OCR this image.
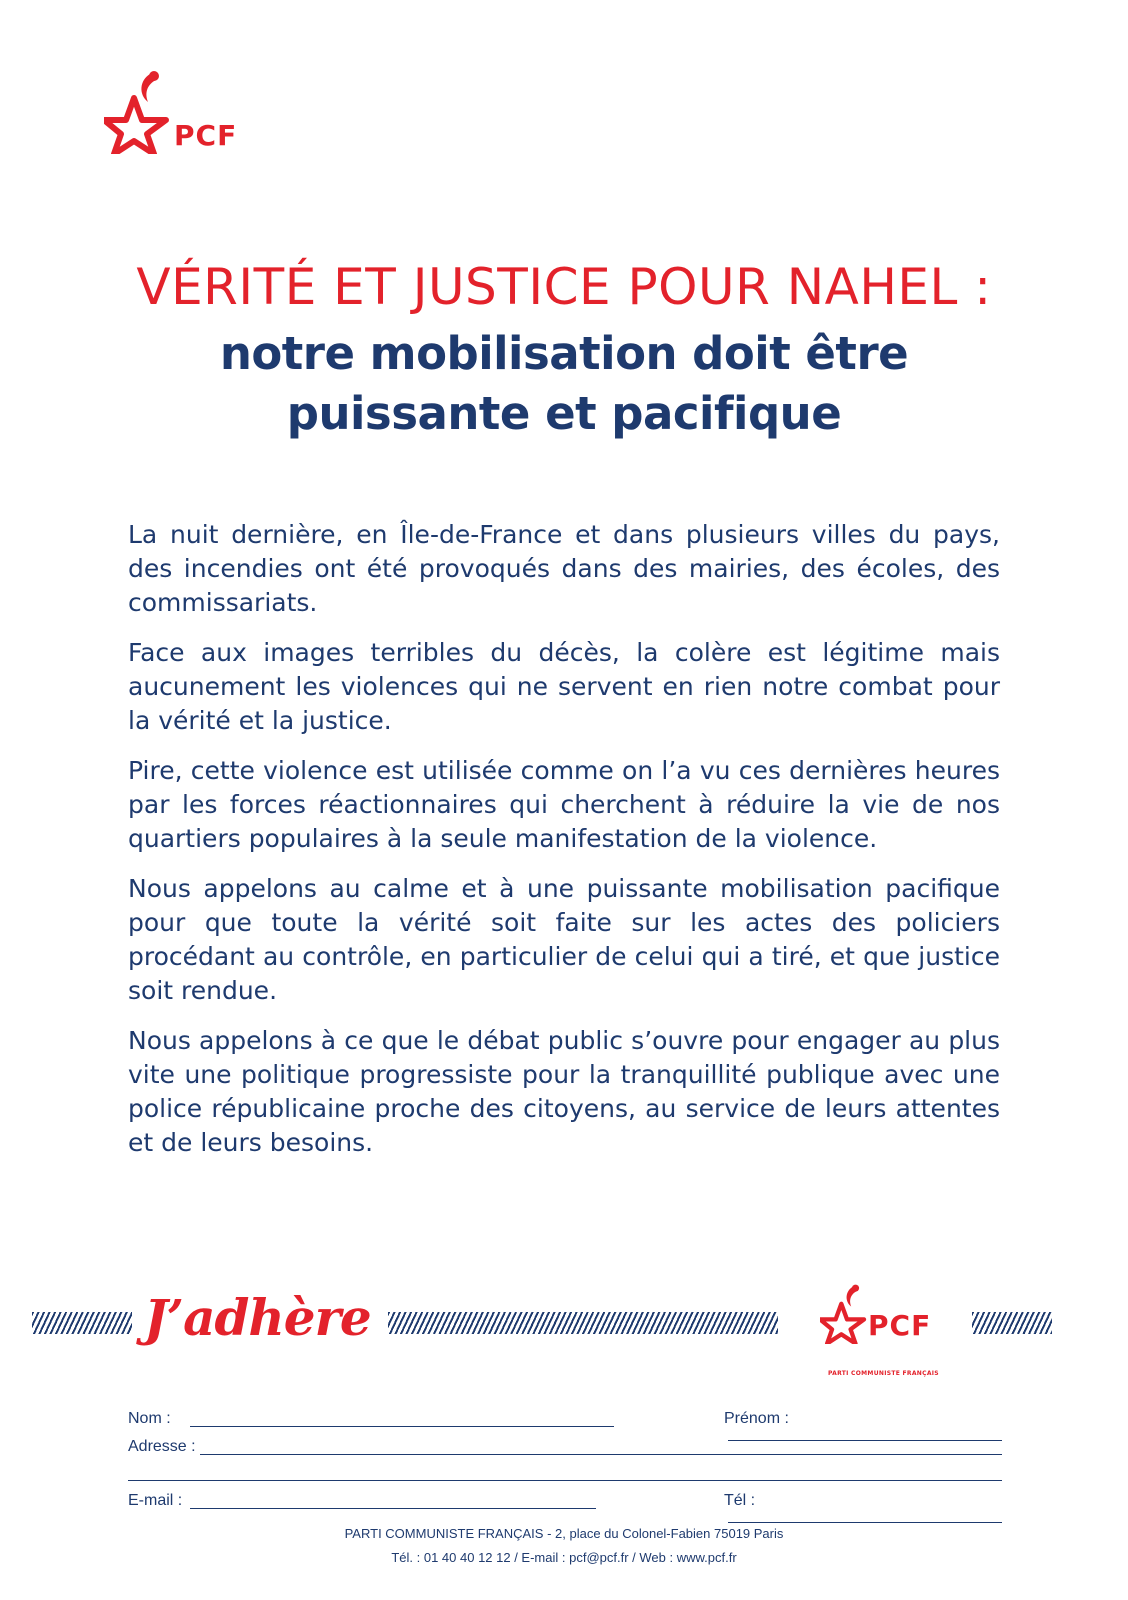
PCF
VÉRITÉ ET JUSTICE POUR NAHEL :
notre mobilisation doit être
puissante et pacifique

La nuit dernière, en Île-de-France et dans plusieurs villes du pays, des incendies ont été provoqués dans des mairies, des écoles, des commissariats.

Face aux images terribles du décès, la colère est légitime mais aucunement les violences qui ne servent en rien notre combat pour la vérité et la justice.

Pire, cette violence est utilisée comme on l’a vu ces dernières heures par les forces réactionnaires qui cherchent à réduire la vie de nos quartiers populaires à la seule manifestation de la violence.

Nous appelons au calme et à une puissante mobilisation pacifique pour que toute la vérité soit faite sur les actes des policiers procédant au contrôle, en particulier de celui qui a tiré, et que justice soit rendue.

Nous appelons à ce que le débat public s’ouvre pour engager au plus vite une politique progressiste pour la tranquillité publique avec une police républicaine proche des citoyens, au service de leurs attentes et de leurs besoins.

J’adhère	PCF
PARTI COMMUNISTE FRANÇAIS
Nom :	Prénom :
Adresse :
E-mail :	Tél :
PARTI COMMUNISTE FRANÇAIS - 2, place du Colonel-Fabien 75019 Paris
Tél. : 01 40 40 12 12 / E-mail : pcf@pcf.fr / Web : www.pcf.fr
